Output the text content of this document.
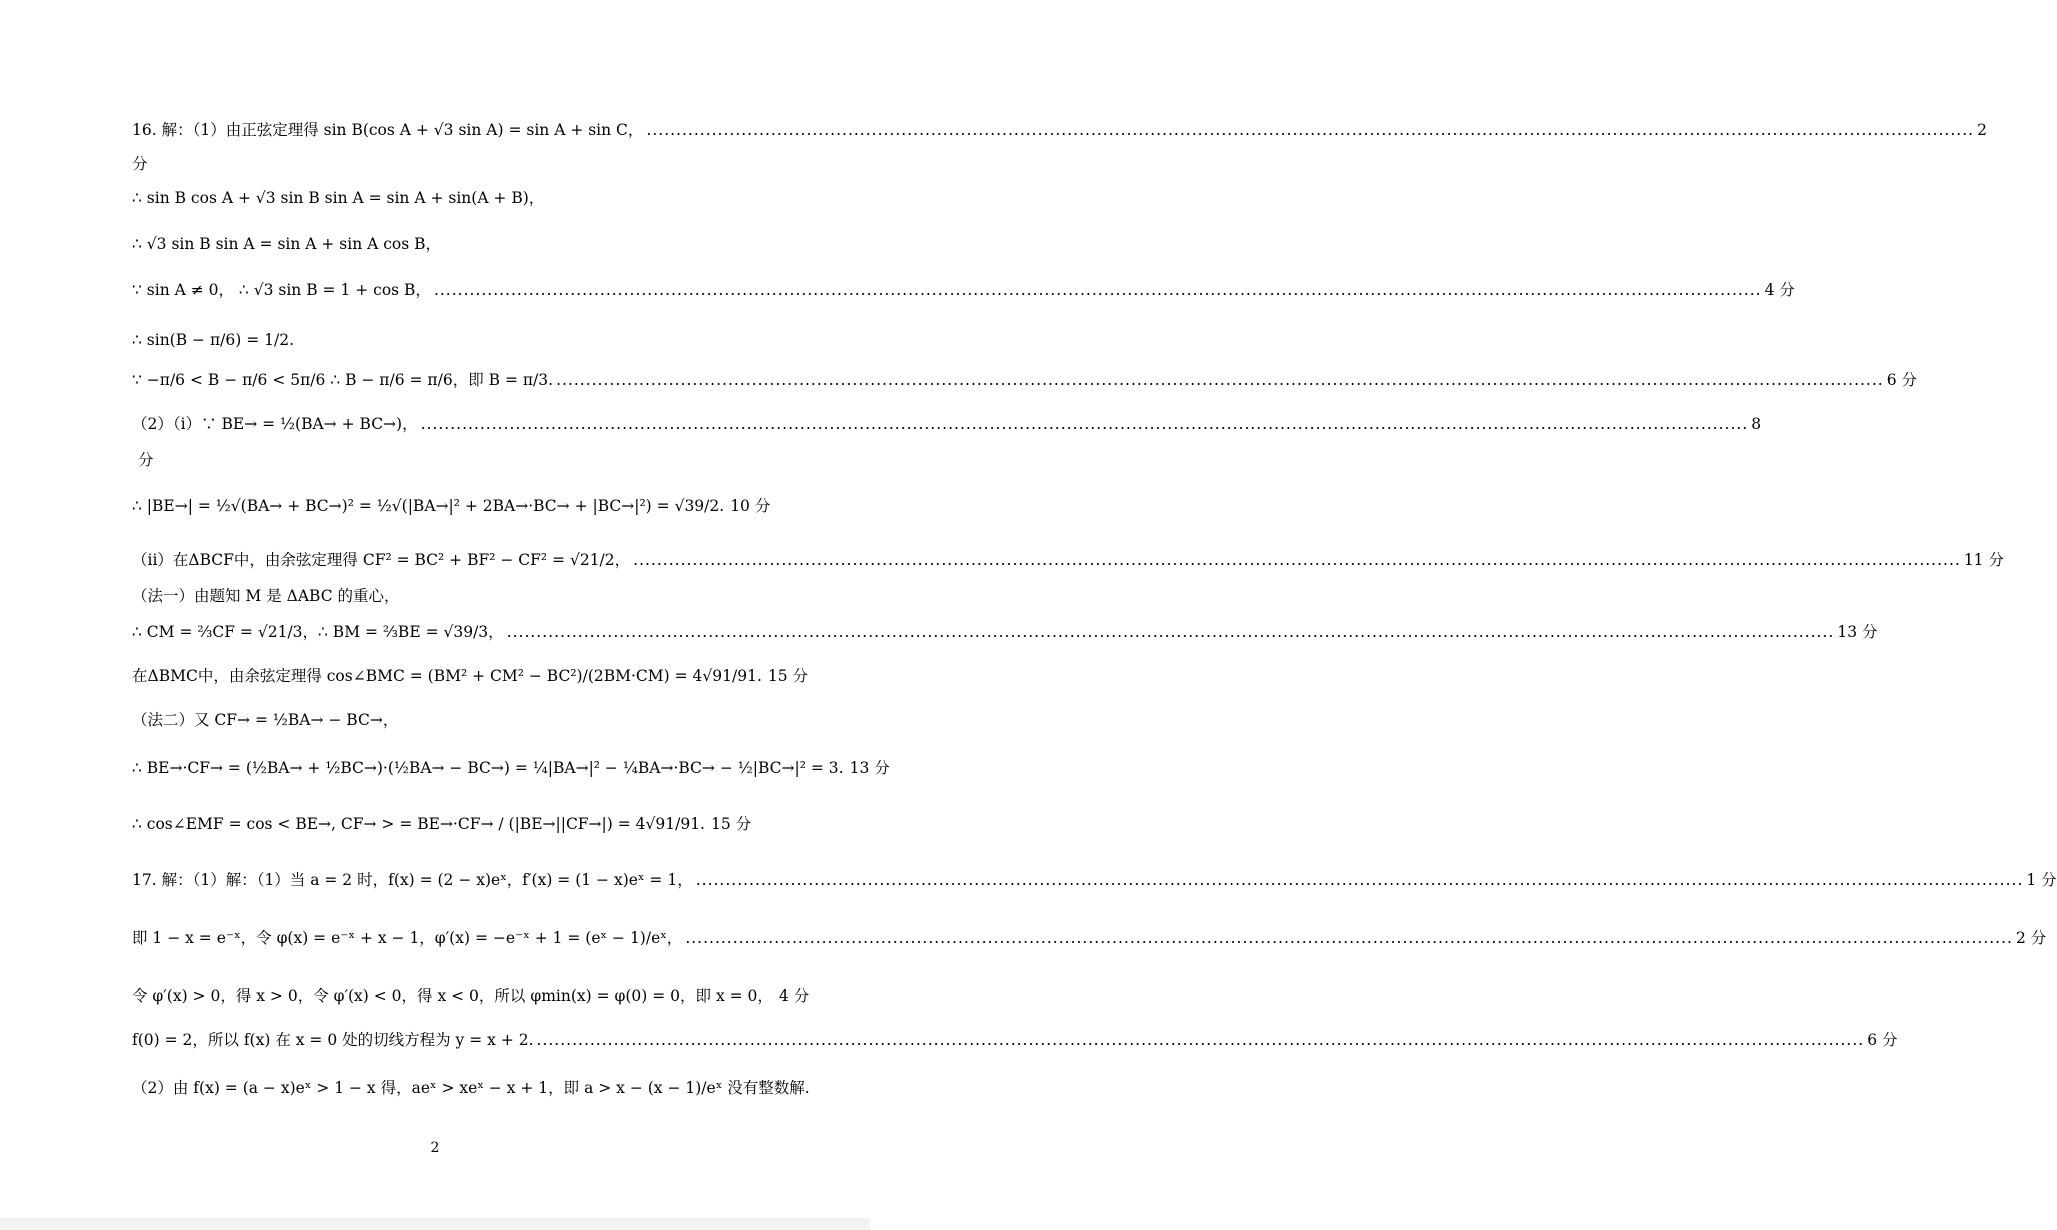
16. 解：（1）由正弦定理得 sin B(cos A + √3 sin A) = sin A + sin C， .....	2
分
∴ sin B cos A + √3 sin B sin A = sin A + sin(A + B)，
∴ √3 sin B sin A = sin A + sin A cos B，
∵ sin A ≠ 0， ∴ √3 sin B = 1 + cos B， .....	4 分
∴ sin(B − π/6) = 1/2.
∵ −π/6 < B − π/6 < 5π/6 ∴ B − π/6 = π/6，即 B = π/3. .....	6 分
（2）（i）∵ BE→ = ½(BA→ + BC→)， .....	8
分
∴ |BE→| = ½√(BA→ + BC→)² = ½√(|BA→|² + 2BA→·BC→ + |BC→|²) = √39/2. 10 分
（ii）在ΔBCF中，由余弦定理得 CF² = BC² + BF² − CF² = √21/2， .....	11 分
（法一）由题知 M 是 ΔABC 的重心，
∴ CM = ⅔CF = √21/3，∴ BM = ⅔BE = √39/3， .....	13 分
在ΔBMC中，由余弦定理得 cos∠BMC = (BM² + CM² − BC²)/(2BM·CM) = 4√91/91. 15 分
（法二）又 CF→ = ½BA→ − BC→，
∴ BE→·CF→ = (½BA→ + ½BC→)·(½BA→ − BC→) = ¼|BA→|² − ¼BA→·BC→ − ½|BC→|² = 3. 13 分
∴ cos∠EMF = cos < BE→, CF→ > = BE→·CF→ / (|BE→||CF→|) = 4√91/91. 15 分
17. 解：（1）解：（1）当 a = 2 时，f(x) = (2 − x)eˣ，f′(x) = (1 − x)eˣ = 1， .....	1 分
即 1 − x = e⁻ˣ，令 φ(x) = e⁻ˣ + x − 1，φ′(x) = −e⁻ˣ + 1 = (eˣ − 1)/eˣ， .....	2 分
令 φ′(x) > 0，得 x > 0，令 φ′(x) < 0，得 x < 0，所以 φmin(x) = φ(0) = 0，即 x = 0， 4 分
f(0) = 2，所以 f(x) 在 x = 0 处的切线方程为 y = x + 2. .....	6 分
（2）由 f(x) = (a − x)eˣ > 1 − x 得，aeˣ > xeˣ − x + 1，即 a > x − (x − 1)/eˣ 没有整数解.
2
